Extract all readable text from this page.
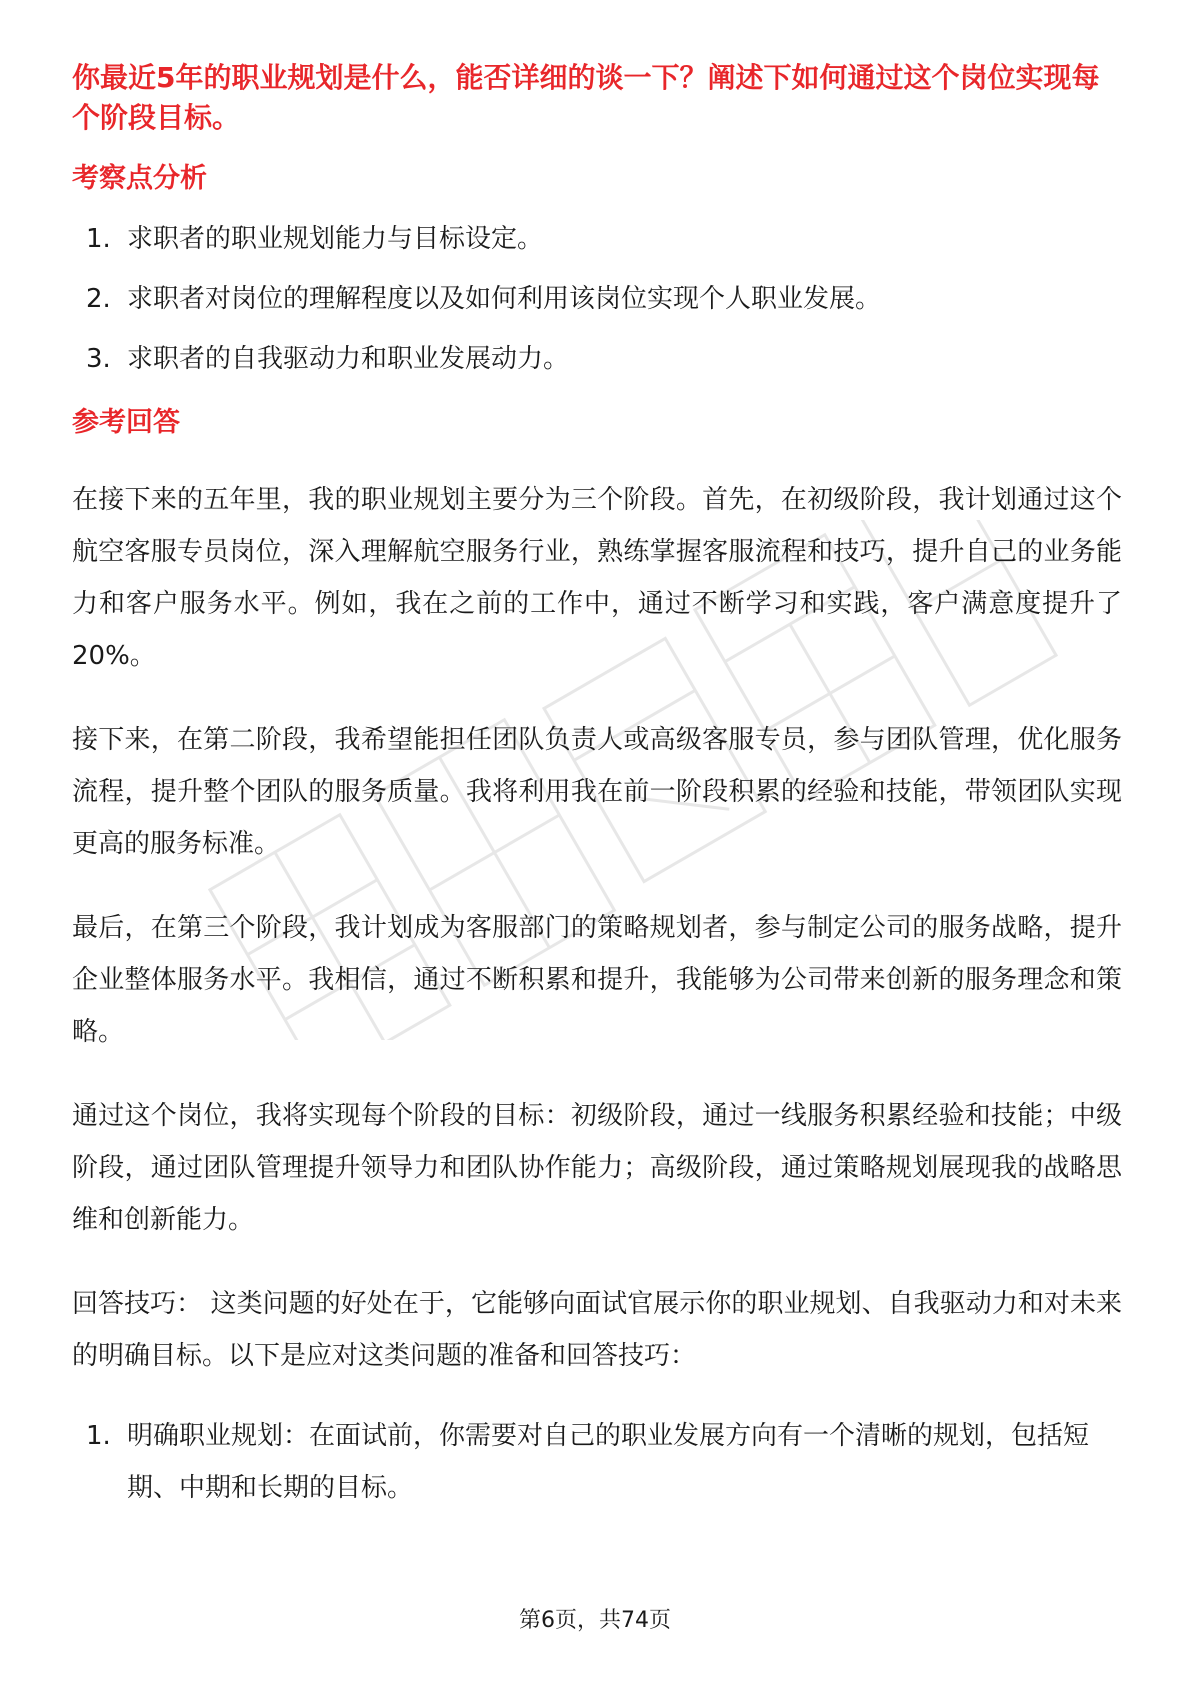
你最近5年的职业规划是什么，能否详细的谈一下？阐述下如何通过这个岗位实现每个阶段目标。

考察点分析

1. 求职者的职业规划能力与目标设定。
2. 求职者对岗位的理解程度以及如何利用该岗位实现个人职业发展。
3. 求职者的自我驱动力和职业发展动力。

参考回答

在接下来的五年里，我的职业规划主要分为三个阶段。首先，在初级阶段，我计划通过这个航空客服专员岗位，深入理解航空服务行业，熟练掌握客服流程和技巧，提升自己的业务能力和客户服务水平。例如，我在之前的工作中，通过不断学习和实践，客户满意度提升了20%。

接下来，在第二阶段，我希望能担任团队负责人或高级客服专员，参与团队管理，优化服务流程，提升整个团队的服务质量。我将利用我在前一阶段积累的经验和技能，带领团队实现更高的服务标准。

最后，在第三个阶段，我计划成为客服部门的策略规划者，参与制定公司的服务战略，提升企业整体服务水平。我相信，通过不断积累和提升，我能够为公司带来创新的服务理念和策略。

通过这个岗位，我将实现每个阶段的目标：初级阶段，通过一线服务积累经验和技能；中级阶段，通过团队管理提升领导力和团队协作能力；高级阶段，通过策略规划展现我的战略思维和创新能力。

回答技巧： 这类问题的好处在于，它能够向面试官展示你的职业规划、自我驱动力和对未来的明确目标。以下是应对这类问题的准备和回答技巧：

1. 明确职业规划：在面试前，你需要对自己的职业发展方向有一个清晰的规划，包括短期、中期和长期的目标。
第6页，共74页
